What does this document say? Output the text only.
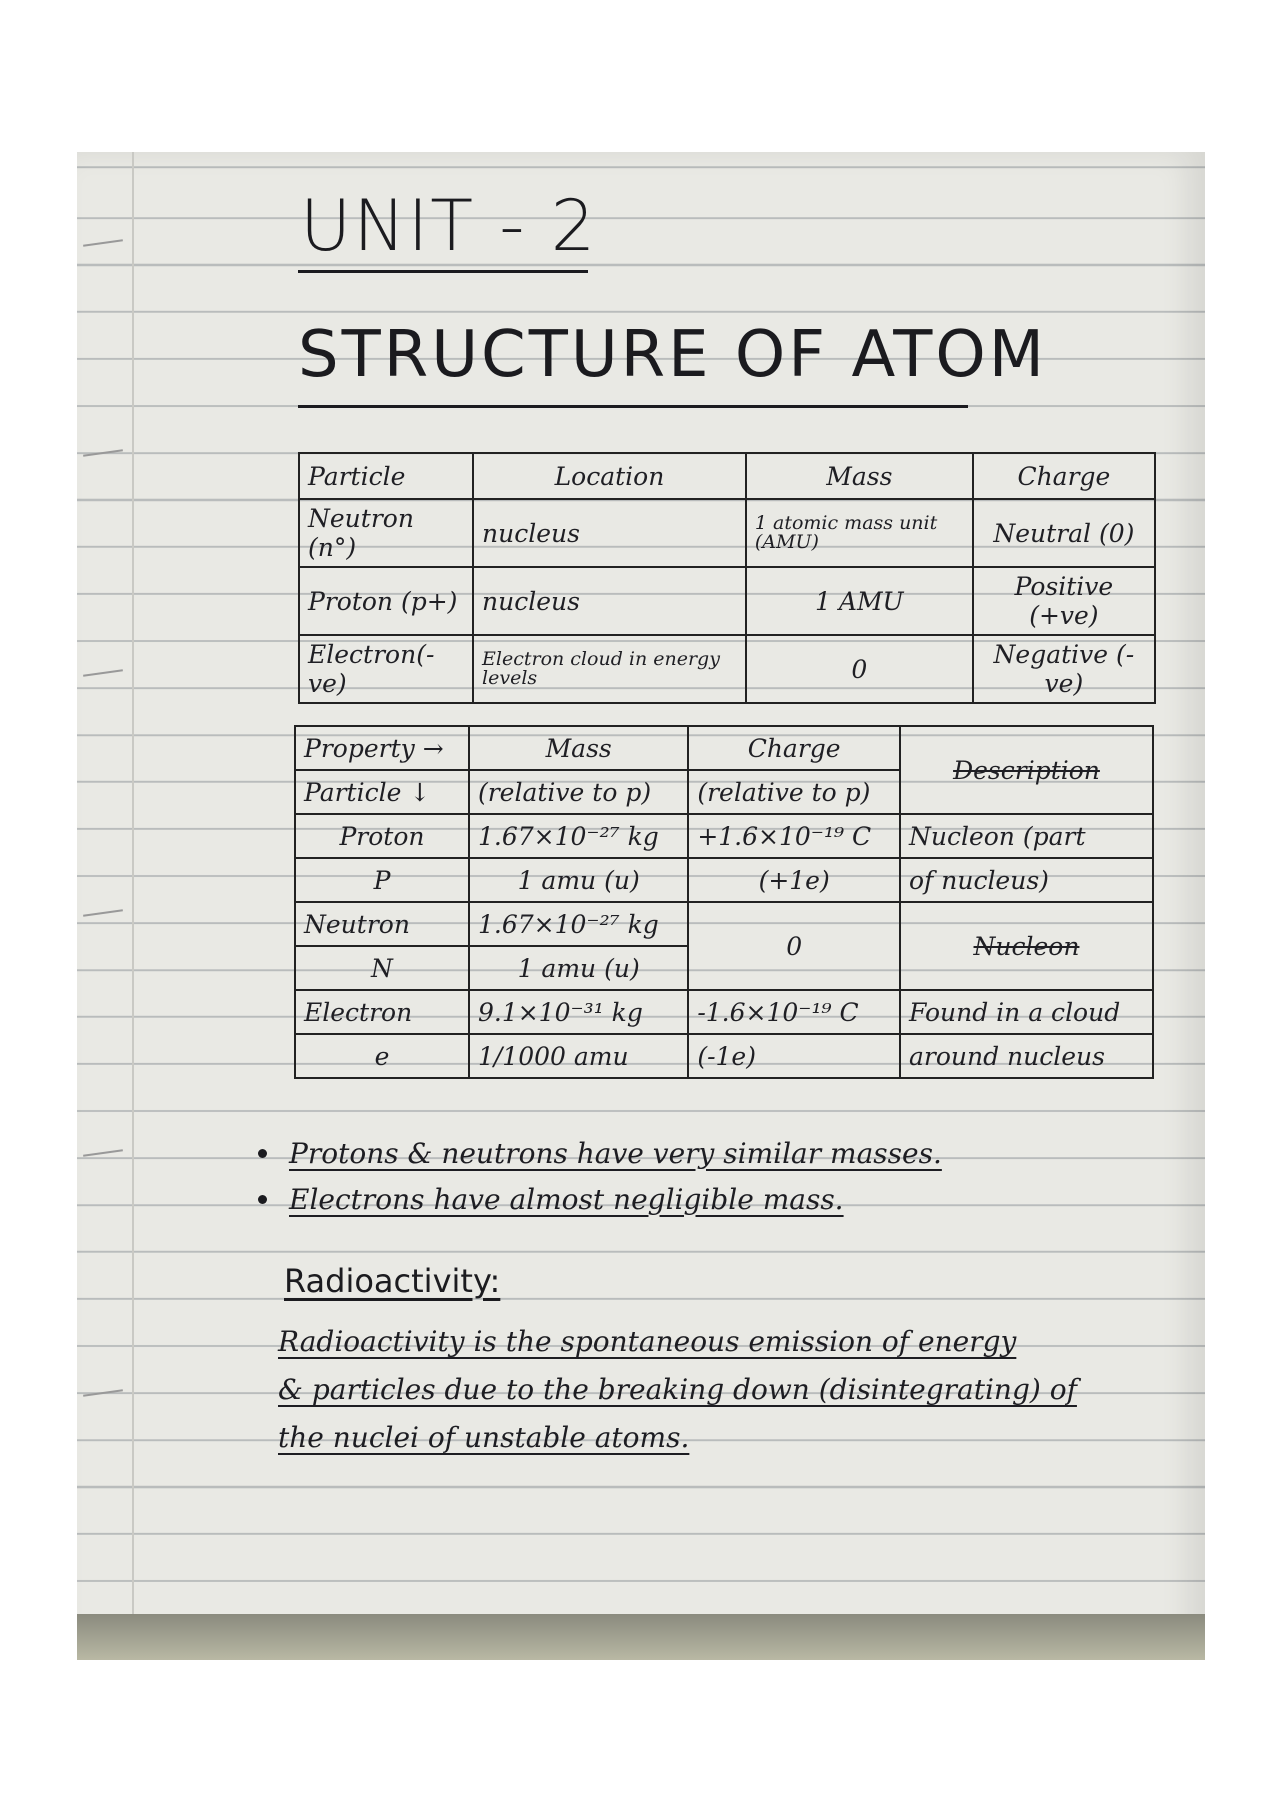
UNIT - 2
STRUCTURE OF ATOM
Particle	Location	Mass	Charge
Neutron (n°)	nucleus	1 atomic mass unit (AMU)	Neutral (0)
Proton (p+)	nucleus	1 AMU	Positive (+ve)
Electron(-ve)	Electron cloud in energy levels	0	Negative (-ve)
Property →	Mass	Charge	Description
Particle ↓	(relative to p)	(relative to p)	
Proton	1.67×10⁻²⁷ kg	+1.6×10⁻¹⁹ C	Nucleon (part
P	1 amu (u)	(+1e)	of nucleus)
Neutron	1.67×10⁻²⁷ kg	0	Nucleon
N	1 amu (u)		
Electron	9.1×10⁻³¹ kg	-1.6×10⁻¹⁹ C	Found in a cloud
e	1/1000 amu	(-1e)	around nucleus
Protons & neutrons have very similar masses.
Electrons have almost negligible mass.
Radioactivity:
Radioactivity is the spontaneous emission of energy
& particles due to the breaking down (disintegrating) of
the nuclei of unstable atoms.
